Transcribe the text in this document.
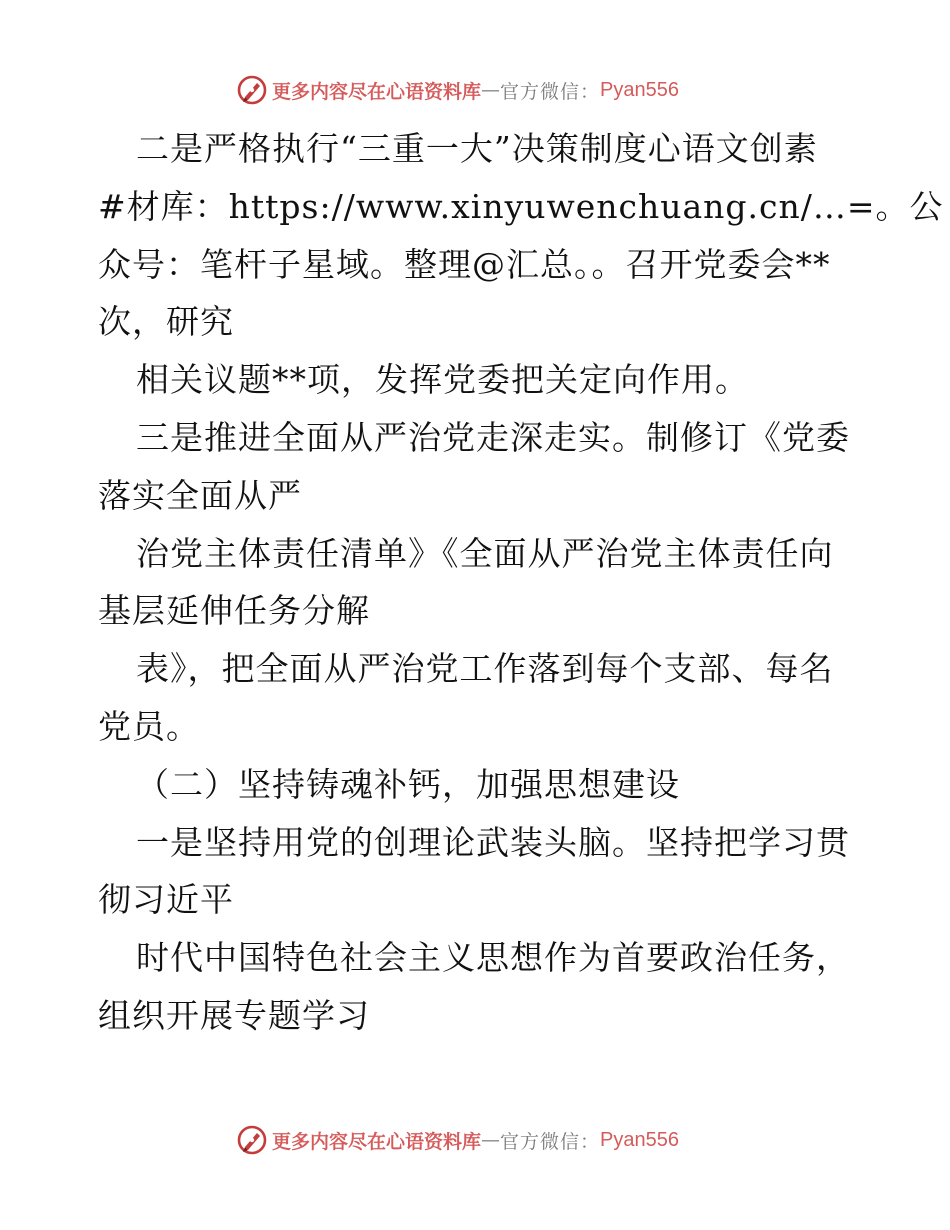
更多内容尽在心语资料库 — 官方微信： Pyan556
二是严格执行“三重一大”决策制度心语文创素
#材库：https://www.xinyuwenchuang.cn/…=。公
众号：笔杆子星域。整理@汇总。。召开党委会**
次，研究
相关议题**项，发挥党委把关定向作用。
三是推进全面从严治党走深走实。制修订《党委
落实全面从严
治党主体责任清单》《全面从严治党主体责任向
基层延伸任务分解
表》，把全面从严治党工作落到每个支部、每名
党员。
（二）坚持铸魂补钙，加强思想建设
一是坚持用党的创理论武装头脑。坚持把学习贯
彻习近平
时代中国特色社会主义思想作为首要政治任务，
组织开展专题学习
更多内容尽在心语资料库 — 官方微信： Pyan556
